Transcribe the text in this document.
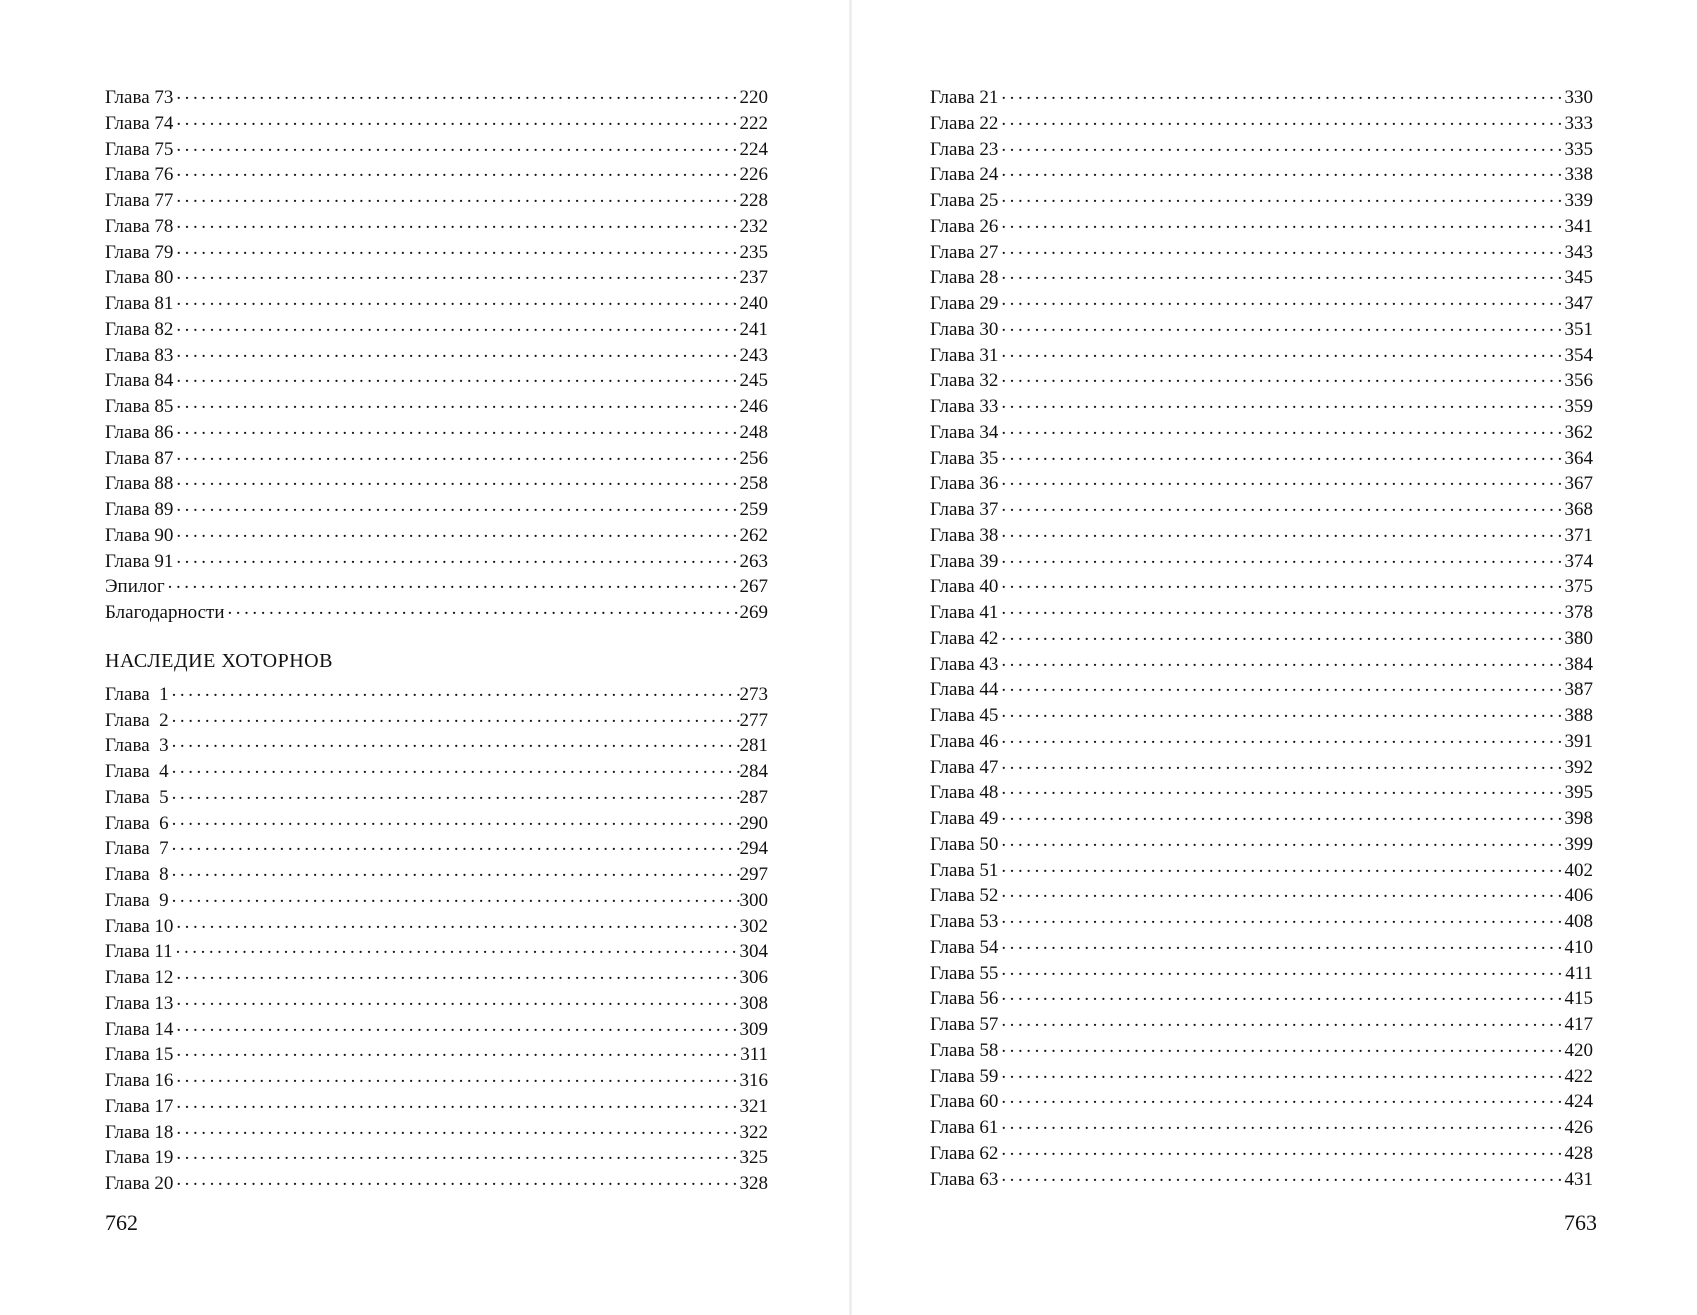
Глава 73 . . .	220
Глава 74 . . .	222
Глава 75 . . .	224
Глава 76 . . .	226
Глава 77 . . .	228
Глава 78 . . .	232
Глава 79 . . .	235
Глава 80 . . .	237
Глава 81 . . .	240
Глава 82 . . .	241
Глава 83 . . .	243
Глава 84 . . .	245
Глава 85 . . .	246
Глава 86 . . .	248
Глава 87 . . .	256
Глава 88 . . .	258
Глава 89 . . .	259
Глава 90 . . .	262
Глава 91 . . .	263
Эпилог . . .	267
Благодарности . . .	269
НАСЛЕДИЕ ХОТОРНОВ
Глава  1 . . .	273
Глава  2 . . .	277
Глава  3 . . .	281
Глава  4 . . .	284
Глава  5 . . .	287
Глава  6 . . .	290
Глава  7 . . .	294
Глава  8 . . .	297
Глава  9 . . .	300
Глава 10 . . .	302
Глава 11 . . .	304
Глава 12 . . .	306
Глава 13 . . .	308
Глава 14 . . .	309
Глава 15 . . .	311
Глава 16 . . .	316
Глава 17 . . .	321
Глава 18 . . .	322
Глава 19 . . .	325
Глава 20 . . .	328
762
Глава 21 . . .	330
Глава 22 . . .	333
Глава 23 . . .	335
Глава 24 . . .	338
Глава 25 . . .	339
Глава 26 . . .	341
Глава 27 . . .	343
Глава 28 . . .	345
Глава 29 . . .	347
Глава 30 . . .	351
Глава 31 . . .	354
Глава 32 . . .	356
Глава 33 . . .	359
Глава 34 . . .	362
Глава 35 . . .	364
Глава 36 . . .	367
Глава 37 . . .	368
Глава 38 . . .	371
Глава 39 . . .	374
Глава 40 . . .	375
Глава 41 . . .	378
Глава 42 . . .	380
Глава 43 . . .	384
Глава 44 . . .	387
Глава 45 . . .	388
Глава 46 . . .	391
Глава 47 . . .	392
Глава 48 . . .	395
Глава 49 . . .	398
Глава 50 . . .	399
Глава 51 . . .	402
Глава 52 . . .	406
Глава 53 . . .	408
Глава 54 . . .	410
Глава 55 . . .	411
Глава 56 . . .	415
Глава 57 . . .	417
Глава 58 . . .	420
Глава 59 . . .	422
Глава 60 . . .	424
Глава 61 . . .	426
Глава 62 . . .	428
Глава 63 . . .	431
763
